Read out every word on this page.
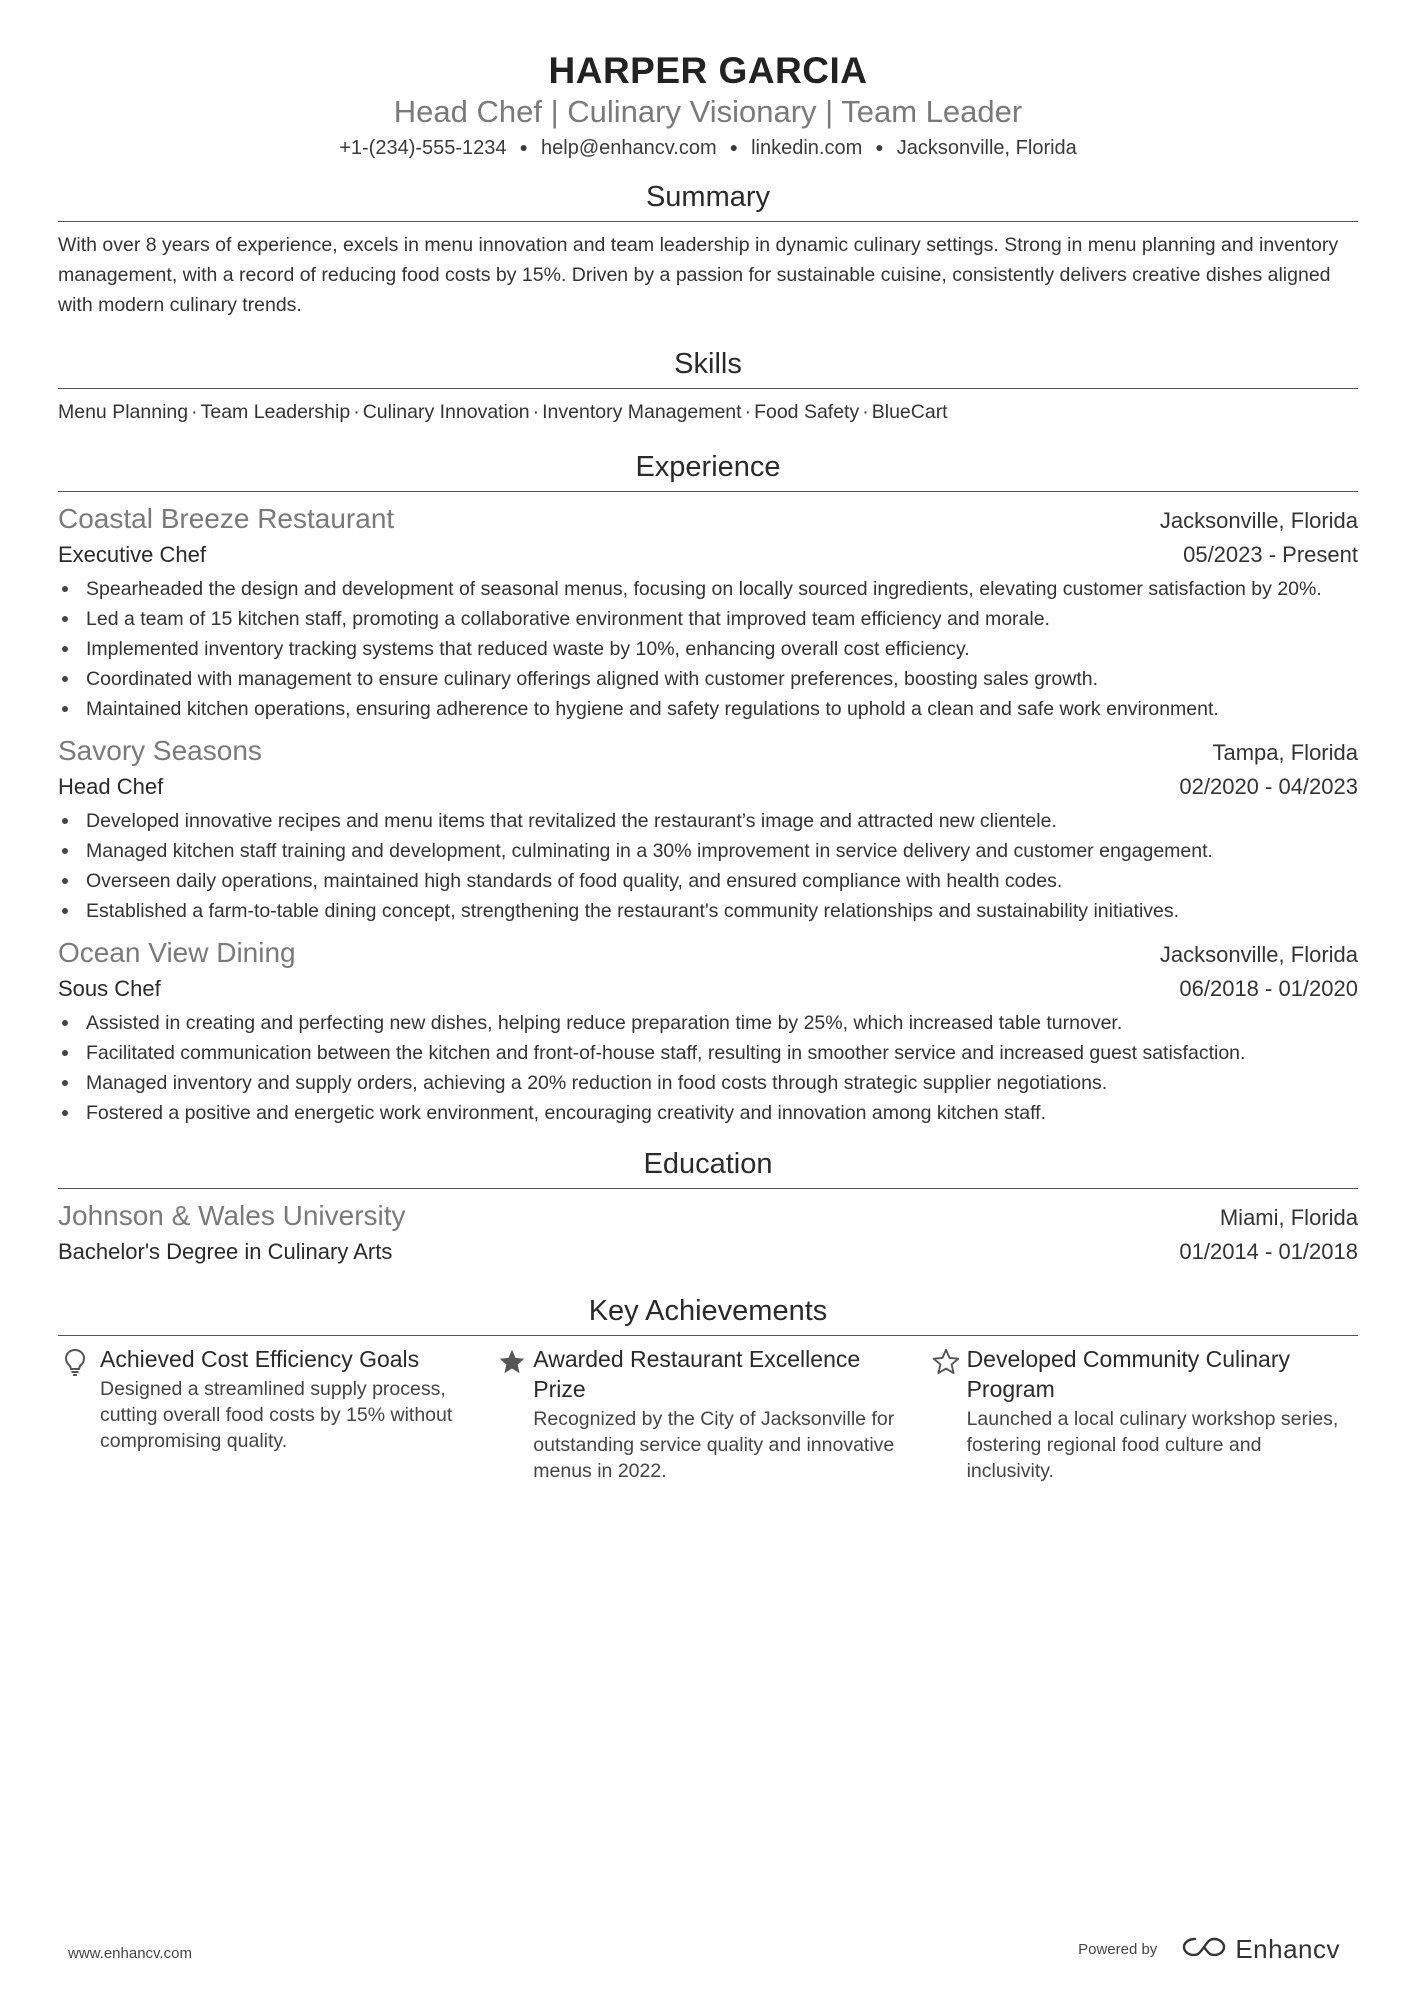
HARPER GARCIA
Head Chef | Culinary Visionary | Team Leader
+1-(234)-555-1234 ● help@enhancv.com ● linkedin.com ● Jacksonville, Florida
Summary

With over 8 years of experience, excels in menu innovation and team leadership in dynamic culinary settings. Strong in menu planning and inventory management, with a record of reducing food costs by 15%. Driven by a passion for sustainable cuisine, consistently delivers creative dishes aligned with modern culinary trends.

Skills
Menu Planning · Team Leadership · Culinary Innovation · Inventory Management · Food Safety · BlueCart
Experience
Coastal Breeze Restaurant	Jacksonville, Florida
Executive Chef	05/2023 - Present
Spearheaded the design and development of seasonal menus, focusing on locally sourced ingredients, elevating customer satisfaction by 20%.
Led a team of 15 kitchen staff, promoting a collaborative environment that improved team efficiency and morale.
Implemented inventory tracking systems that reduced waste by 10%, enhancing overall cost efficiency.
Coordinated with management to ensure culinary offerings aligned with customer preferences, boosting sales growth.
Maintained kitchen operations, ensuring adherence to hygiene and safety regulations to uphold a clean and safe work environment.
Savory Seasons	Tampa, Florida
Head Chef	02/2020 - 04/2023
Developed innovative recipes and menu items that revitalized the restaurant’s image and attracted new clientele.
Managed kitchen staff training and development, culminating in a 30% improvement in service delivery and customer engagement.
Overseen daily operations, maintained high standards of food quality, and ensured compliance with health codes.
Established a farm-to-table dining concept, strengthening the restaurant's community relationships and sustainability initiatives.
Ocean View Dining	Jacksonville, Florida
Sous Chef	06/2018 - 01/2020
Assisted in creating and perfecting new dishes, helping reduce preparation time by 25%, which increased table turnover.
Facilitated communication between the kitchen and front-of-house staff, resulting in smoother service and increased guest satisfaction.
Managed inventory and supply orders, achieving a 20% reduction in food costs through strategic supplier negotiations.
Fostered a positive and energetic work environment, encouraging creativity and innovation among kitchen staff.
Education
Johnson & Wales University	Miami, Florida
Bachelor's Degree in Culinary Arts	01/2014 - 01/2018
Key Achievements
Achieved Cost Efficiency Goals
Designed a streamlined supply process, cutting overall food costs by 15% without compromising quality.
Awarded Restaurant Excellence Prize
Recognized by the City of Jacksonville for outstanding service quality and innovative menus in 2022.
Developed Community Culinary Program
Launched a local culinary workshop series, fostering regional food culture and inclusivity.
www.enhancv.com	Powered by	Enhancv
